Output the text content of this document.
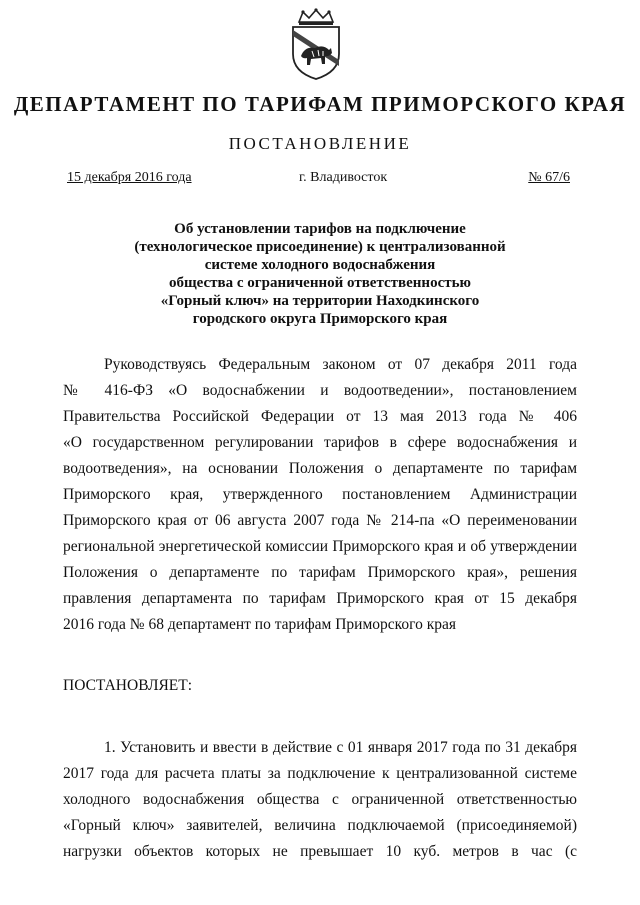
ДЕПАРТАМЕНТ ПО ТАРИФАМ ПРИМОРСКОГО КРАЯ
ПОСТАНОВЛЕНИЕ
15 декабря 2016 года	г. Владивосток	№ 67/6
Об установлении тарифов на подключение
(технологическое присоединение) к централизованной
системе холодного водоснабжения
общества с ограниченной ответственностью
«Горный ключ» на территории Находкинского
городского округа Приморского края
Руководствуясь Федеральным законом от 07 декабря 2011 года
№ 416-ФЗ «О водоснабжении и водоотведении», постановлением
Правительства Российской Федерации от 13 мая 2013 года № 406
«О государственном регулировании тарифов в сфере водоснабжения и
водоотведения», на основании Положения о департаменте по тарифам
Приморского края, утвержденного постановлением Администрации
Приморского края от 06 августа 2007 года № 214-па «О переименовании
региональной энергетической комиссии Приморского края и об утверждении
Положения о департаменте по тарифам Приморского края», решения
правления департамента по тарифам Приморского края от 15 декабря
2016 года № 68 департамент по тарифам Приморского края
ПОСТАНОВЛЯЕТ:
1. Установить и ввести в действие с 01 января 2017 года по 31 декабря
2017 года для расчета платы за подключение к централизованной системе
холодного водоснабжения общества с ограниченной ответственностью
«Горный ключ» заявителей, величина подключаемой (присоединяемой)
нагрузки объектов которых не превышает 10 куб. метров в час (с
